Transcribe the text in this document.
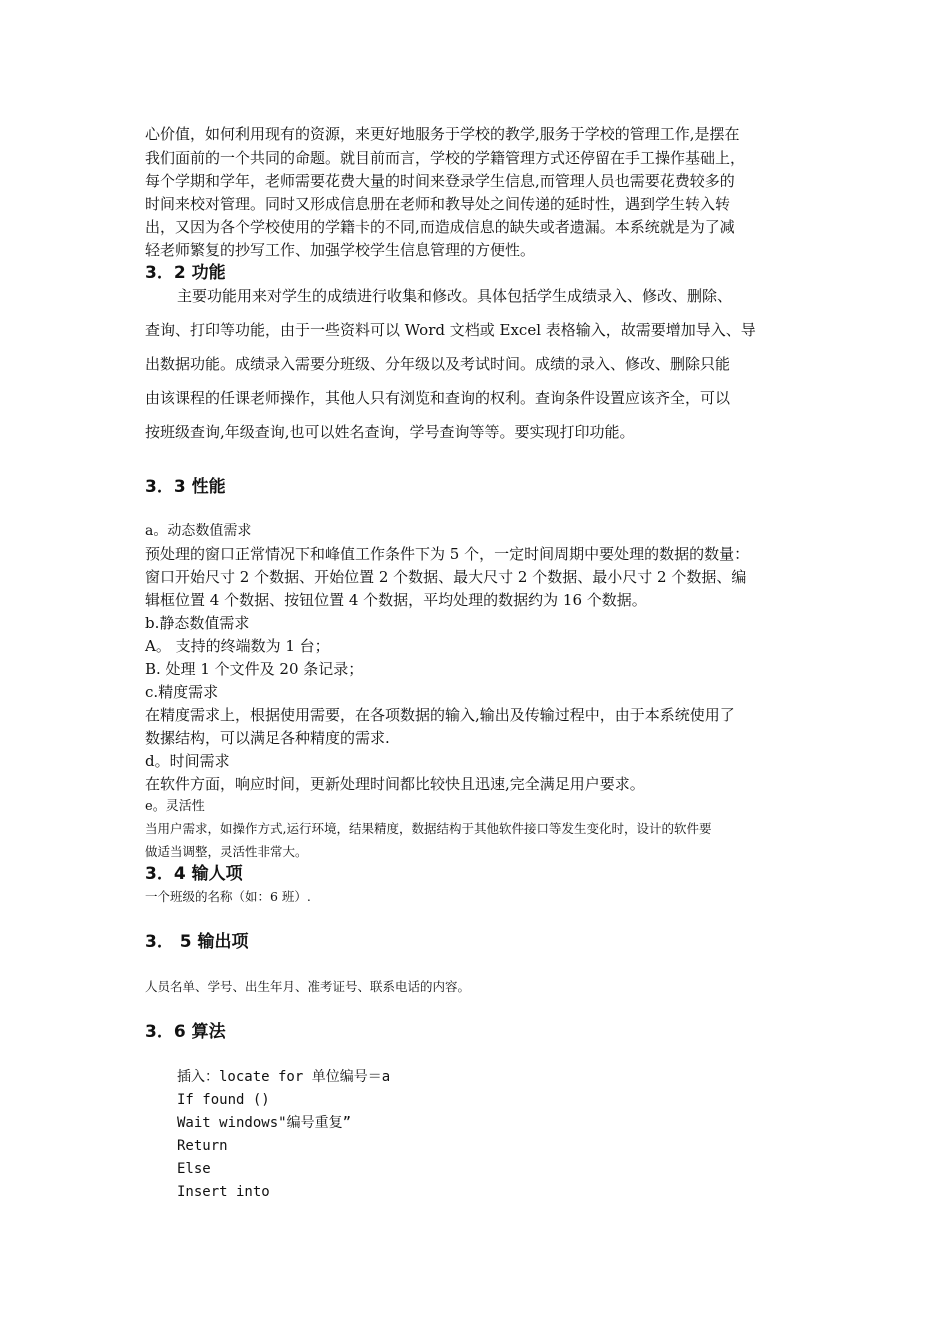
心价值，如何利用现有的资源，来更好地服务于学校的教学,服务于学校的管理工作,是摆在
我们面前的一个共同的命题。就目前而言，学校的学籍管理方式还停留在手工操作基础上，
每个学期和学年，老师需要花费大量的时间来登录学生信息,而管理人员也需要花费较多的
时间来校对管理。同时又形成信息册在老师和教导处之间传递的延时性，遇到学生转入转
出，又因为各个学校使用的学籍卡的不同,而造成信息的缺失或者遗漏。本系统就是为了减
轻老师繁复的抄写工作、加强学校学生信息管理的方便性。
3．2 功能
主要功能用来对学生的成绩进行收集和修改。具体包括学生成绩录入、修改、删除、
查询、打印等功能，由于一些资料可以 Word 文档或 Excel 表格输入，故需要增加导入、导
出数据功能。成绩录入需要分班级、分年级以及考试时间。成绩的录入、修改、删除只能
由该课程的任课老师操作，其他人只有浏览和查询的权利。查询条件设置应该齐全，可以
按班级查询,年级查询,也可以姓名查询，学号查询等等。要实现打印功能。
3．3 性能
a。动态数值需求
预处理的窗口正常情况下和峰值工作条件下为 5 个，一定时间周期中要处理的数据的数量：
窗口开始尺寸 2 个数据、开始位置 2 个数据、最大尺寸 2 个数据、最小尺寸 2 个数据、编
辑框位置 4 个数据、按钮位置 4 个数据，平均处理的数据约为 16 个数据。
b.静态数值需求
A。 支持的终端数为 1 台；
B. 处理 1 个文件及 20 条记录；
c.精度需求
在精度需求上，根据使用需要，在各项数据的输入,输出及传输过程中，由于本系统使用了
数摞结构，可以满足各种精度的需求.
d。时间需求
在软件方面，响应时间，更新处理时间都比较快且迅速,完全满足用户要求。
e。灵活性
当用户需求，如操作方式,运行环境，结果精度，数据结构于其他软件接口等发生变化时，设计的软件要
做适当调整，灵活性非常大。
3．4 输人项
一个班级的名称（如：6 班）.
3． 5 输出项
人员名单、学号、出生年月、准考证号、联系电话的内容。
3．6 算法
插入：locate for 单位编号＝a
If found ()
Wait windows"编号重复”
Return
Else
Insert into
